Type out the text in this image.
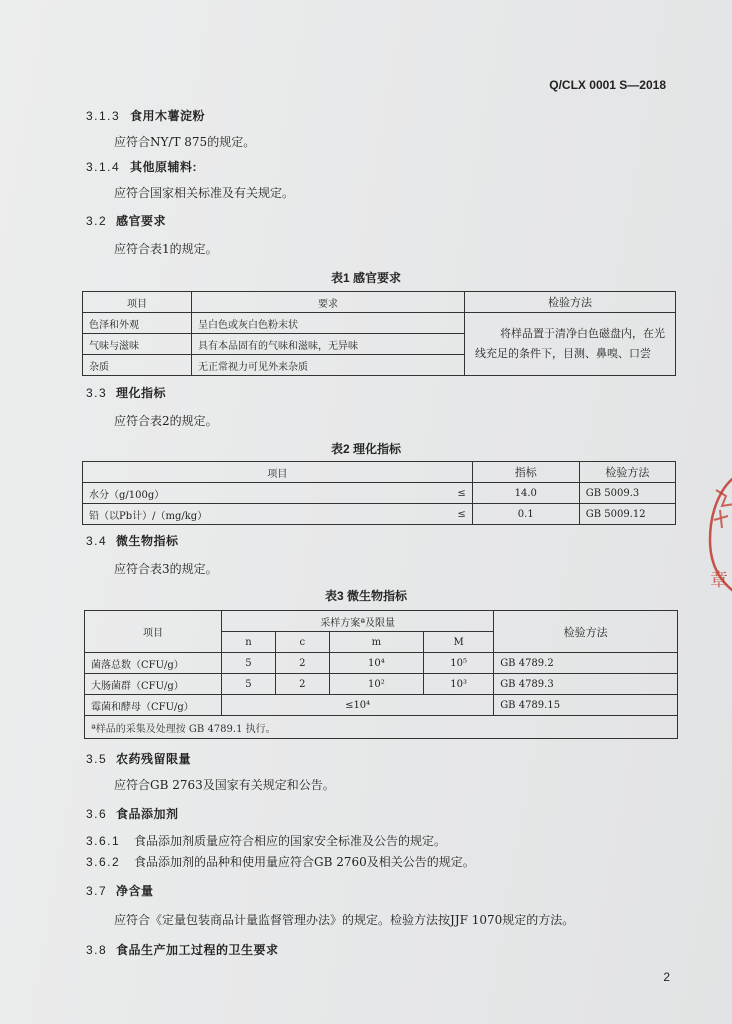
Q/CLX 0001 S—2018
3.1.3 食用木薯淀粉
应符合NY/T 875的规定。
3.1.4 其他原辅料:
应符合国家相关标准及有关规定。
3.2 感官要求
应符合表1的规定。
表1 感官要求
项目	要求	检验方法
色泽和外观	呈白色或灰白色粉末状	将样品置于清净白色磁盘内，在光
线充足的条件下，目测、鼻嗅、口尝

气味与滋味	具有本品固有的气味和滋味，无异味	
杂质	无正常视力可见外来杂质	
3.3 理化指标
应符合表2的规定。
表2 理化指标
项目		指标	检验方法
水分（g/100g）	≤	14.0	GB 5009.3
铅（以Pb计）/（mg/kg）	≤	0.1	GB 5009.12
3.4 微生物指标
应符合表3的规定。
表3 微生物指标
项目	采样方案ª及限量				检验方法
	n	c	m	M	
菌落总数（CFU/g）	5	2	10⁴	10⁵	GB 4789.2
大肠菌群（CFU/g）	5	2	10²	10³	GB 4789.3
霉菌和酵母（CFU/g）	≤10⁴				GB 4789.15
ª样品的采集及处理按 GB 4789.1 执行。					
3.5 农药残留限量
应符合GB 2763及国家有关规定和公告。
3.6 食品添加剂
3.6.1 食品添加剂质量应符合相应的国家安全标准及公告的规定。
3.6.2 食品添加剂的品种和使用量应符合GB 2760及相关公告的规定。
3.7 净含量
应符合《定量包装商品计量监督管理办法》的规定。检验方法按JJF 1070规定的方法。
3.8 食品生产加工过程的卫生要求
2
章
